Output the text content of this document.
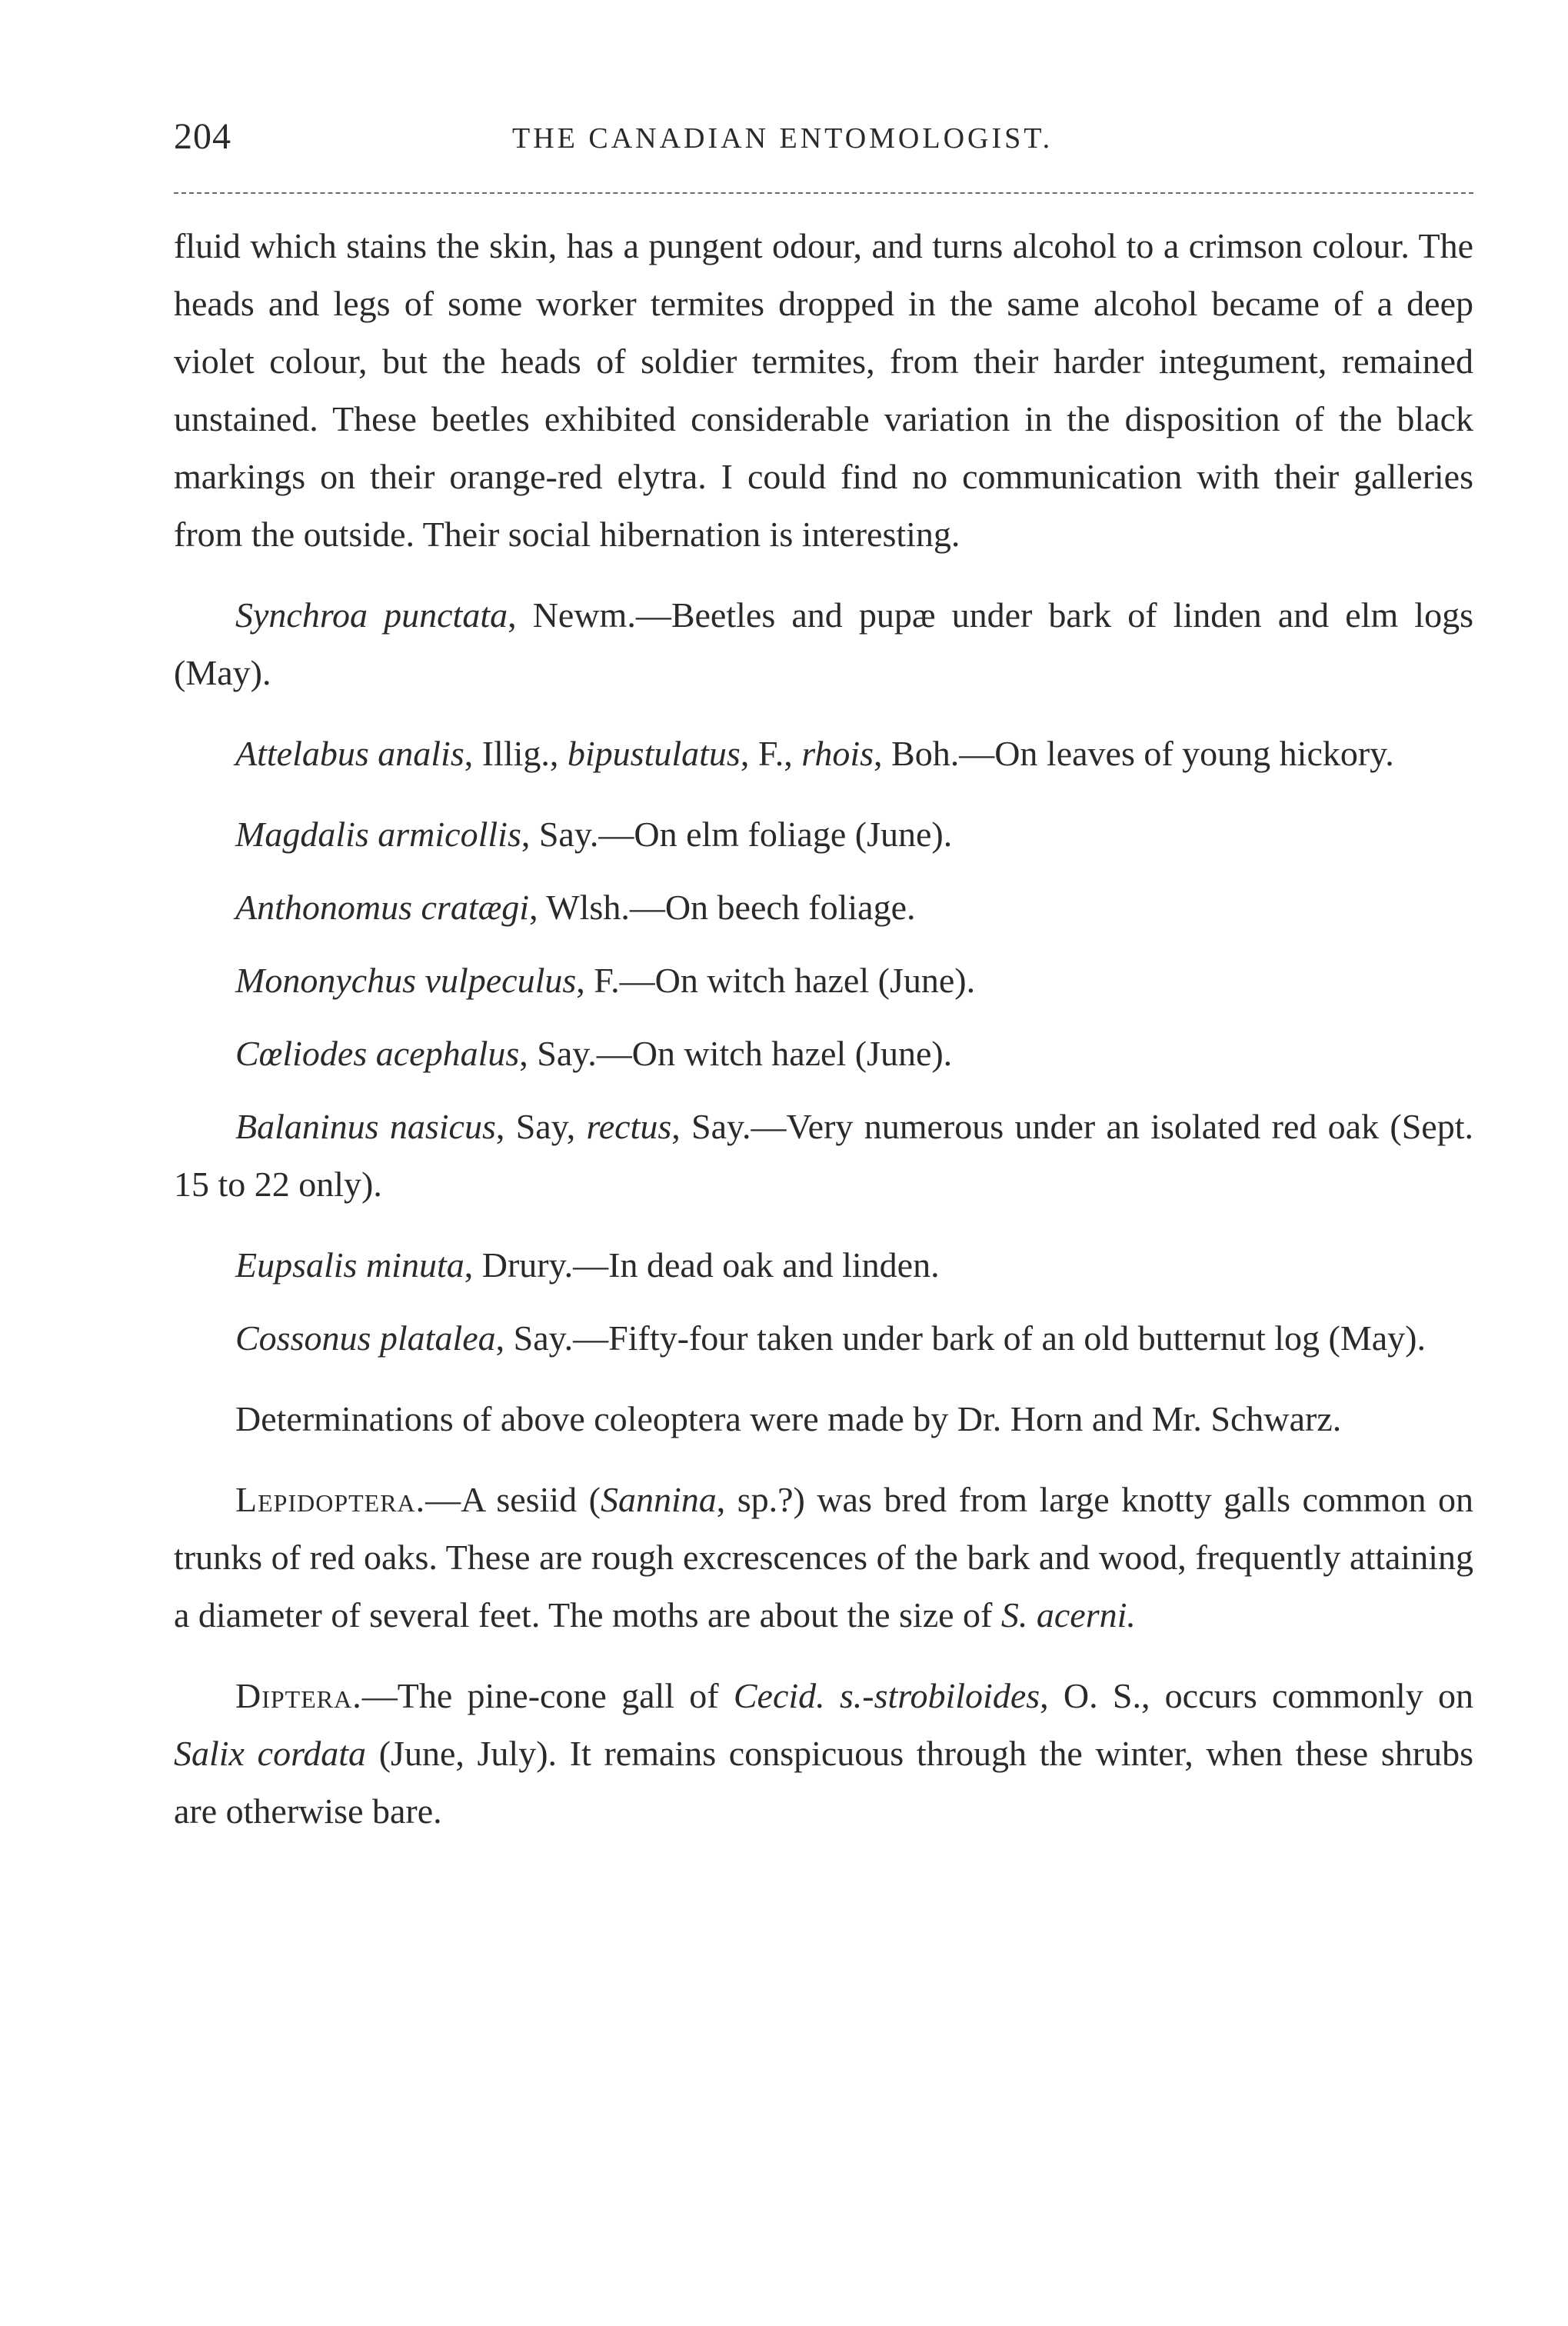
204	THE CANADIAN ENTOMOLOGIST.

fluid which stains the skin, has a pungent odour, and turns alcohol to a crimson colour. The heads and legs of some worker termites dropped in the same alcohol became of a deep violet colour, but the heads of soldier termites, from their harder integument, remained unstained. These beetles exhibited considerable variation in the disposition of the black markings on their orange-red elytra. I could find no communication with their galleries from the outside. Their social hibernation is interesting.

Synchroa punctata, Newm.—Beetles and pupæ under bark of linden and elm logs (May).

Attelabus analis, Illig., bipustulatus, F., rhois, Boh.—On leaves of young hickory.

Magdalis armicollis, Say.—On elm foliage (June).

Anthonomus cratægi, Wlsh.—On beech foliage.

Mononychus vulpeculus, F.—On witch hazel (June).

Cœliodes acephalus, Say.—On witch hazel (June).

Balaninus nasicus, Say, rectus, Say.—Very numerous under an isolated red oak (Sept. 15 to 22 only).

Eupsalis minuta, Drury.—In dead oak and linden.

Cossonus platalea, Say.—Fifty-four taken under bark of an old butternut log (May).

Determinations of above coleoptera were made by Dr. Horn and Mr. Schwarz.

Lepidoptera.—A sesiid (Sannina, sp.?) was bred from large knotty galls common on trunks of red oaks. These are rough excrescences of the bark and wood, frequently attaining a diameter of several feet. The moths are about the size of S. acerni.

Diptera.—The pine-cone gall of Cecid. s.-strobiloides, O. S., occurs commonly on Salix cordata (June, July). It remains conspicuous through the winter, when these shrubs are otherwise bare.
